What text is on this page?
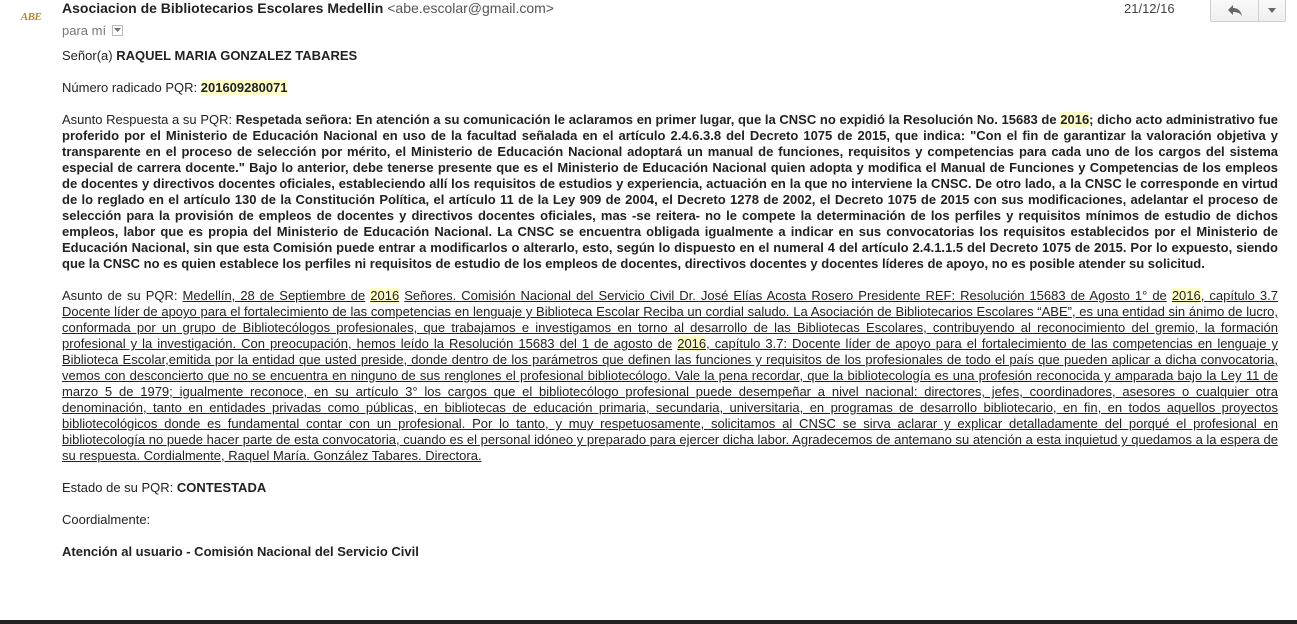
ABE
Asociacion de Bibliotecarios Escolares Medellin <abe.escolar@gmail.com>
para mí
21/12/16

Señor(a) RAQUEL MARIA GONZALEZ TABARES

Número radicado PQR: 201609280071

Asunto Respuesta a su PQR: Respetada señora: En atención a su comunicación le aclaramos en primer lugar, que la CNSC no expidió la Resolución No. 15683 de 2016; dicho acto administrativo fue proferido por el Ministerio de Educación Nacional en uso de la facultad señalada en el artículo 2.4.6.3.8 del Decreto 1075 de 2015, que indica: "Con el fin de garantizar la valoración objetiva y transparente en el proceso de selección por mérito, el Ministerio de Educación Nacional adoptará un manual de funciones, requisitos y competencias para cada uno de los cargos del sistema especial de carrera docente." Bajo lo anterior, debe tenerse presente que es el Ministerio de Educación Nacional quien adopta y modifica el Manual de Funciones y Competencias de los empleos de docentes y directivos docentes oficiales, estableciendo allí los requisitos de estudios y experiencia, actuación en la que no interviene la CNSC. De otro lado, a la CNSC le corresponde en virtud de lo reglado en el artículo 130 de la Constitución Política, el artículo 11 de la Ley 909 de 2004, el Decreto 1278 de 2002, el Decreto 1075 de 2015 con sus modificaciones, adelantar el proceso de selección para la provisión de empleos de docentes y directivos docentes oficiales, mas -se reitera- no le compete la determinación de los perfiles y requisitos mínimos de estudio de dichos empleos, labor que es propia del Ministerio de Educación Nacional. La CNSC se encuentra obligada igualmente a indicar en sus convocatorias los requisitos establecidos por el Ministerio de Educación Nacional, sin que esta Comisión puede entrar a modificarlos o alterarlo, esto, según lo dispuesto en el numeral 4 del artículo 2.4.1.1.5 del Decreto 1075 de 2015. Por lo expuesto, siendo que la CNSC no es quien establece los perfiles ni requisitos de estudio de los empleos de docentes, directivos docentes y docentes líderes de apoyo, no es posible atender su solicitud.

Asunto de su PQR: Medellín, 28 de Septiembre de 2016 Señores. Comisión Nacional del Servicio Civil Dr. José Elías Acosta Rosero Presidente REF: Resolución 15683 de Agosto 1° de 2016, capítulo 3.7 Docente líder de apoyo para el fortalecimiento de las competencias en lenguaje y Biblioteca Escolar Reciba un cordial saludo. La Asociación de Bibliotecarios Escolares “ABE”, es una entidad sin ánimo de lucro, conformada por un grupo de Bibliotecólogos profesionales, que trabajamos e investigamos en torno al desarrollo de las Bibliotecas Escolares, contribuyendo al reconocimiento del gremio, la formación profesional y la investigación. Con preocupación, hemos leído la Resolución 15683 del 1 de agosto de 2016, capítulo 3.7: Docente líder de apoyo para el fortalecimiento de las competencias en lenguaje y Biblioteca Escolar,emitida por la entidad que usted preside, donde dentro de los parámetros que definen las funciones y requisitos de los profesionales de todo el país que pueden aplicar a dicha convocatoria, vemos con desconcierto que no se encuentra en ninguno de sus renglones el profesional bibliotecólogo. Vale la pena recordar, que la bibliotecología es una profesión reconocida y amparada bajo la Ley 11 de marzo 5 de 1979; igualmente reconoce, en su artículo 3° los cargos que el bibliotecólogo profesional puede desempeñar a nivel nacional: directores, jefes, coordinadores, asesores o cualquier otra denominación, tanto en entidades privadas como públicas, en bibliotecas de educación primaria, secundaria, universitaria, en programas de desarrollo bibliotecario, en fin, en todos aquellos proyectos bibliotecológicos donde es fundamental contar con un profesional. Por lo tanto, y muy respetuosamente, solicitamos al CNSC se sirva aclarar y explicar detalladamente del porqué el profesional en bibliotecología no puede hacer parte de esta convocatoria, cuando es el personal idóneo y preparado para ejercer dicha labor. Agradecemos de antemano su atención a esta inquietud y quedamos a la espera de su respuesta. Cordialmente, Raquel María. González Tabares. Directora.

Estado de su PQR: CONTESTADA

Coordialmente:

Atención al usuario - Comisión Nacional del Servicio Civil
